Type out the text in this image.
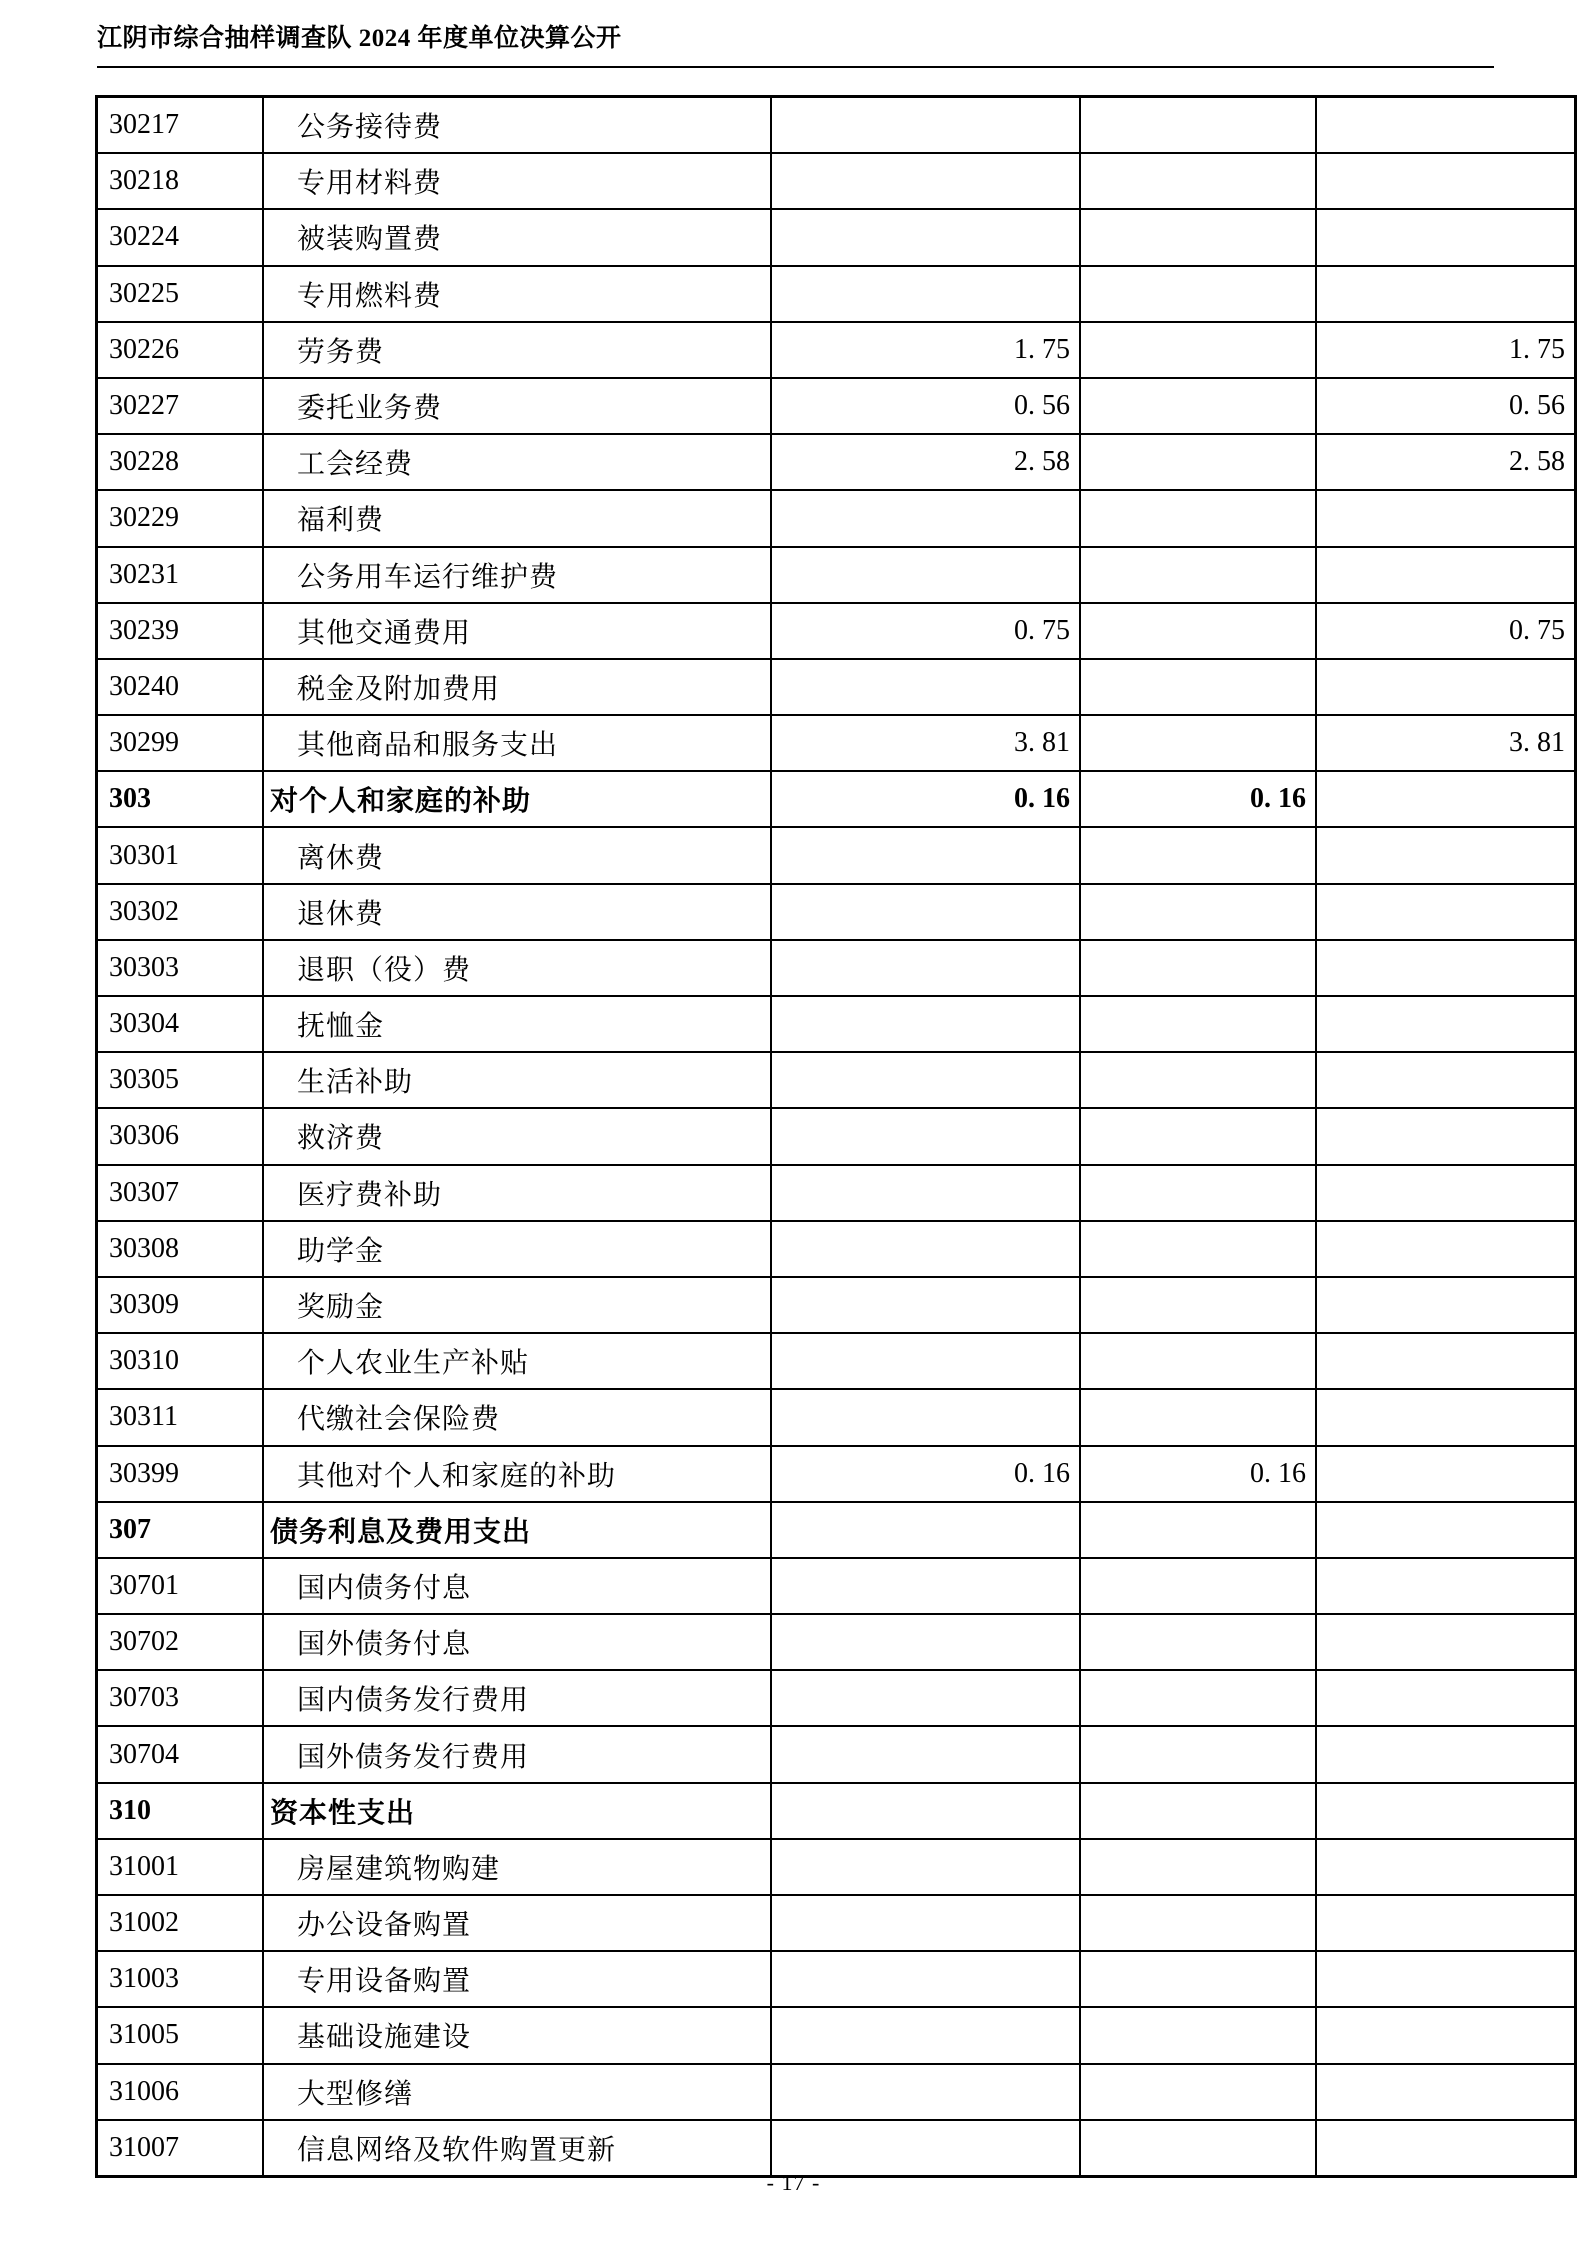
江阴市综合抽样调查队 2024 年度单位决算公开
30217	公务接待费			
30218	专用材料费			
30224	被装购置费			
30225	专用燃料费			
30226	劳务费	1. 75		1. 75
30227	委托业务费	0. 56		0. 56
30228	工会经费	2. 58		2. 58
30229	福利费			
30231	公务用车运行维护费			
30239	其他交通费用	0. 75		0. 75
30240	税金及附加费用			
30299	其他商品和服务支出	3. 81		3. 81
303	对个人和家庭的补助	0. 16	0. 16	
30301	离休费			
30302	退休费			
30303	退职（役）费			
30304	抚恤金			
30305	生活补助			
30306	救济费			
30307	医疗费补助			
30308	助学金			
30309	奖励金			
30310	个人农业生产补贴			
30311	代缴社会保险费			
30399	其他对个人和家庭的补助	0. 16	0. 16	
307	债务利息及费用支出			
30701	国内债务付息			
30702	国外债务付息			
30703	国内债务发行费用			
30704	国外债务发行费用			
310	资本性支出			
31001	房屋建筑物购建			
31002	办公设备购置			
31003	专用设备购置			
31005	基础设施建设			
31006	大型修缮			
31007	信息网络及软件购置更新			
- 17 -
